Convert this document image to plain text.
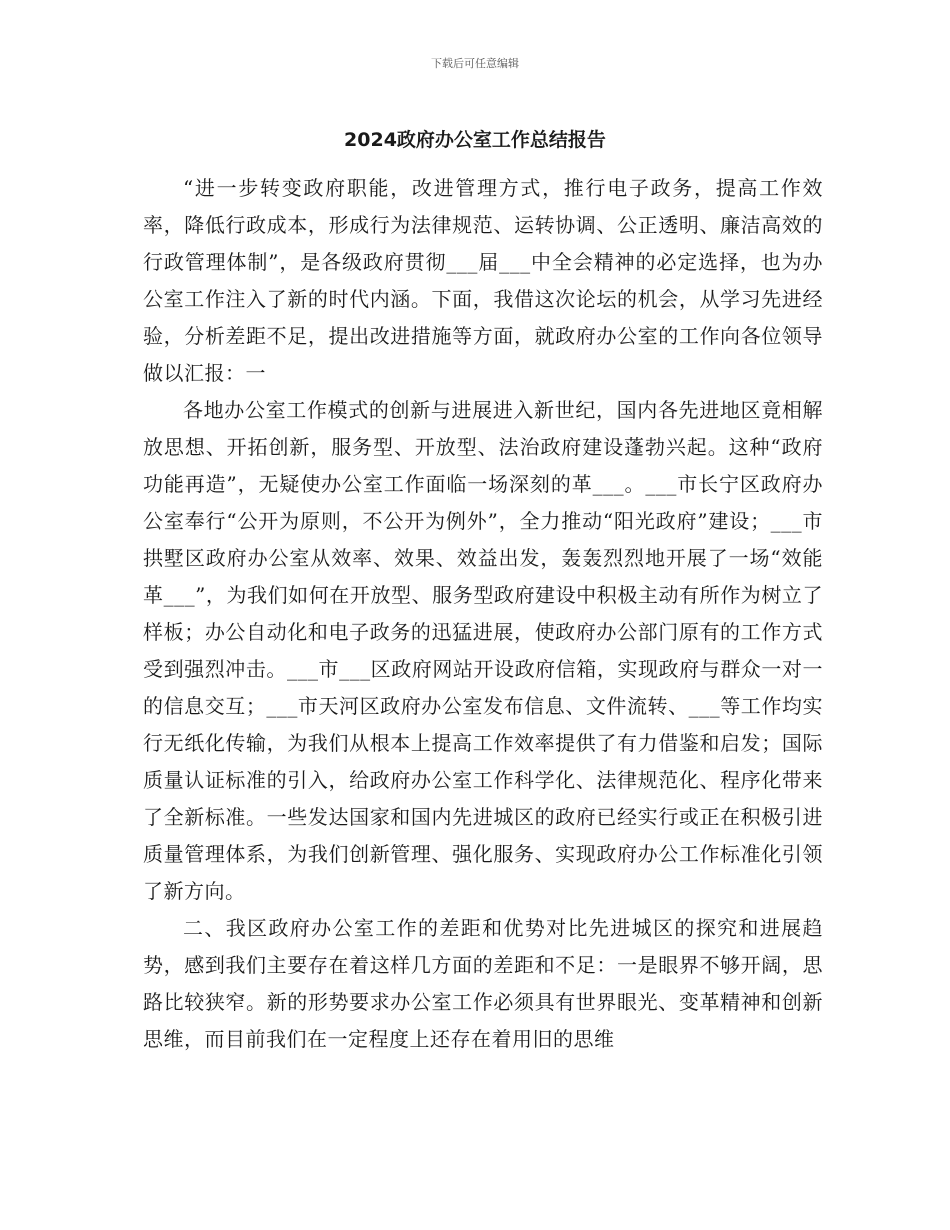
下载后可任意编辑
2024政府办公室工作总结报告

“进一步转变政府职能，改进管理方式，推行电子政务，提高工作效率，降低行政成本，形成行为法律规范、运转协调、公正透明、廉洁高效的行政管理体制”，是各级政府贯彻___届___中全会精神的必定选择，也为办公室工作注入了新的时代内涵。下面，我借这次论坛的机会，从学习先进经验，分析差距不足，提出改进措施等方面，就政府办公室的工作向各位领导做以汇报：一

各地办公室工作模式的创新与进展进入新世纪，国内各先进地区竟相解放思想、开拓创新，服务型、开放型、法治政府建设蓬勃兴起。这种“政府功能再造”，无疑使办公室工作面临一场深刻的革___。___市长宁区政府办公室奉行“公开为原则，不公开为例外”，全力推动“阳光政府”建设；___市拱墅区政府办公室从效率、效果、效益出发，轰轰烈烈地开展了一场“效能革___”，为我们如何在开放型、服务型政府建设中积极主动有所作为树立了样板；办公自动化和电子政务的迅猛进展，使政府办公部门原有的工作方式受到强烈冲击。___市___区政府网站开设政府信箱，实现政府与群众一对一的信息交互；___市天河区政府办公室发布信息、文件流转、___等工作均实行无纸化传输，为我们从根本上提高工作效率提供了有力借鉴和启发；国际质量认证标准的引入，给政府办公室工作科学化、法律规范化、程序化带来了全新标准。一些发达国家和国内先进城区的政府已经实行或正在积极引进质量管理体系，为我们创新管理、强化服务、实现政府办公工作标准化引领了新方向。

二、我区政府办公室工作的差距和优势对比先进城区的探究和进展趋势，感到我们主要存在着这样几方面的差距和不足：一是眼界不够开阔，思路比较狭窄。新的形势要求办公室工作必须具有世界眼光、变革精神和创新思维，而目前我们在一定程度上还存在着用旧的思维
